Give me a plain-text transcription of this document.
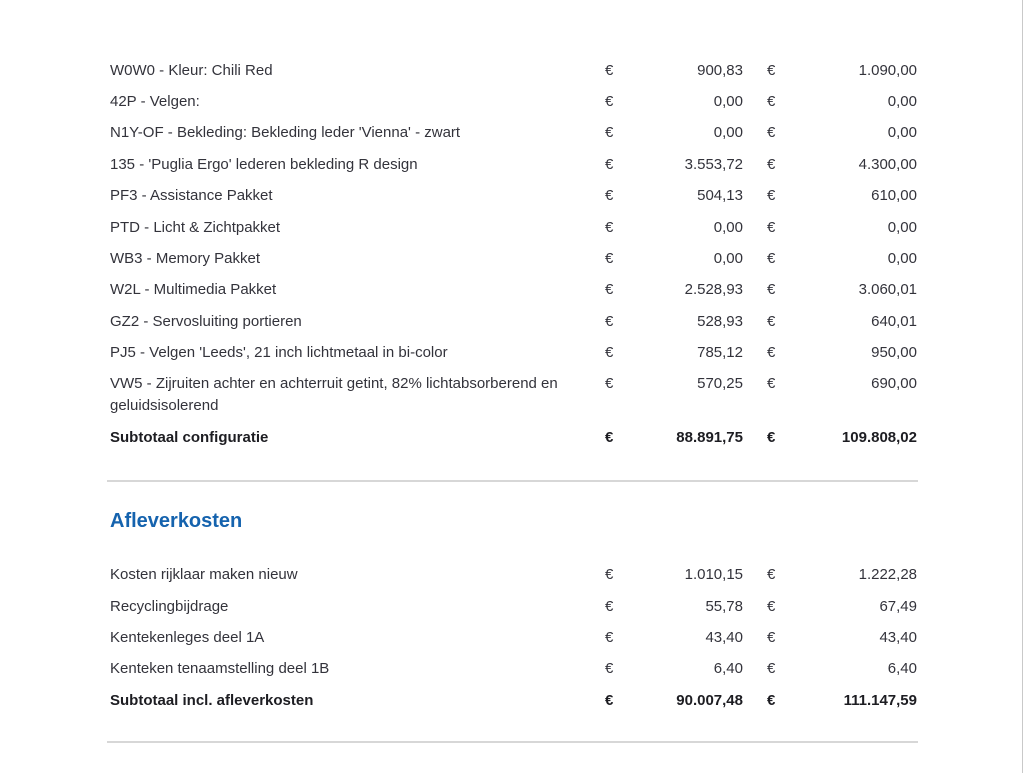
W0W0 - Kleur: Chili Red	€	900,83	€	1.090,00
42P - Velgen:	€	0,00	€	0,00
N1Y-OF - Bekleding: Bekleding leder 'Vienna' - zwart	€	0,00	€	0,00
135 - 'Puglia Ergo' lederen bekleding R design	€	3.553,72	€	4.300,00
PF3 - Assistance Pakket	€	504,13	€	610,00
PTD - Licht & Zichtpakket	€	0,00	€	0,00
WB3 - Memory Pakket	€	0,00	€	0,00
W2L - Multimedia Pakket	€	2.528,93	€	3.060,01
GZ2 - Servosluiting portieren	€	528,93	€	640,01
PJ5 - Velgen 'Leeds', 21 inch lichtmetaal in bi-color	€	785,12	€	950,00
VW5 - Zijruiten achter en achterruit getint, 82% lichtabsorberend en geluidsisolerend
€	570,25	€	690,00
Subtotaal configuratie	€	88.891,75	€	109.808,02
Afleverkosten
Kosten rijklaar maken nieuw	€	1.010,15	€	1.222,28
Recyclingbijdrage	€	55,78	€	67,49
Kentekenleges deel 1A	€	43,40	€	43,40
Kenteken tenaamstelling deel 1B	€	6,40	€	6,40
Subtotaal incl. afleverkosten	€	90.007,48	€	111.147,59
